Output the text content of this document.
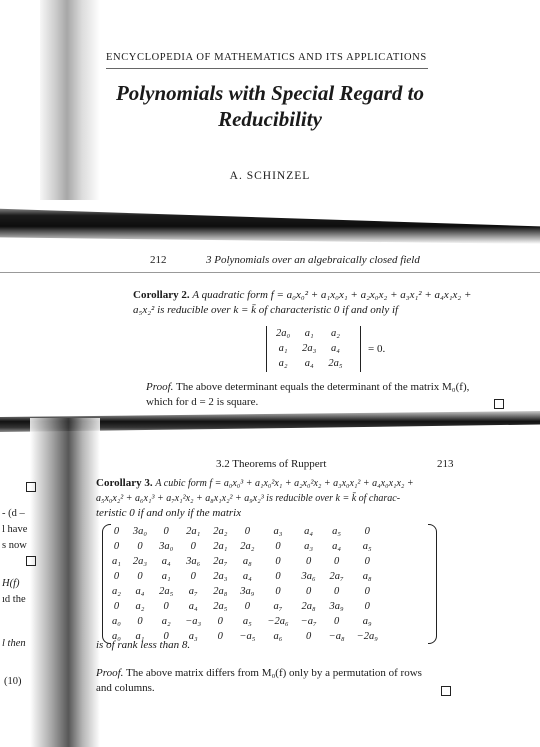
ENCYCLOPEDIA OF MATHEMATICS AND ITS APPLICATIONS
Polynomials with Special Regard to
Reducibility
A. SCHINZEL
212	3 Polynomials over an algebraically closed field
Corollary 2. A quadratic form f = a₀x₀² + a₁x₀x₁ + a₂x₀x₂ + a₃x₁² + a₄x₁x₂ +
a₅x₂² is reducible over k = k̄ of characteristic 0 if and only if
2a₀	a₁	a₂
a₁	2a₃	a₄
a₂	a₄	2a₅
= 0.
Proof. The above determinant equals the determinant of the matrix M₀(f),
which for d = 2 is square.
3.2 Theorems of Ruppert	213
Corollary 3. A cubic form f = a₀x₀³ + a₁x₀²x₁ + a₂x₀²x₂ + a₃x₀x₁² + a₄x₀x₁x₂ +
a₅x₀x₂² + a₆x₁³ + a₇x₁²x₂ + a₈x₁x₂² + a₉x₂³ is reducible over k = k̄ of charac-
teristic 0 if and only if the matrix
0	3a₀	0	2a₁	2a₂	0	a₃	a₄	a₅	0
0	0	3a₀	0	2a₁	2a₂	0	a₃	a₄	a₅
a₁	2a₃	a₄	3a₆	2a₇	a₈	0	0	0	0
0	0	a₁	0	2a₃	a₄	0	3a₆	2a₇	a₈
a₂	a₄	2a₅	a₇	2a₈	3a₉	0	0	0	0
0	a₂	0	a₄	2a₅	0	a₇	2a₈	3a₉	0
a₀	0	a₂	−a₃	0	a₅	−2a₆	−a₇	0	a₉
a₀	a₁	0	a₃	0	−a₅	a₆	0	−a₈	−2a₉
is of rank less than 8.
Proof. The above matrix differs from M₀(f) only by a permutation of rows
and columns.
- (d –
l have
s now
H(f)
ıd the
l then
(10)
